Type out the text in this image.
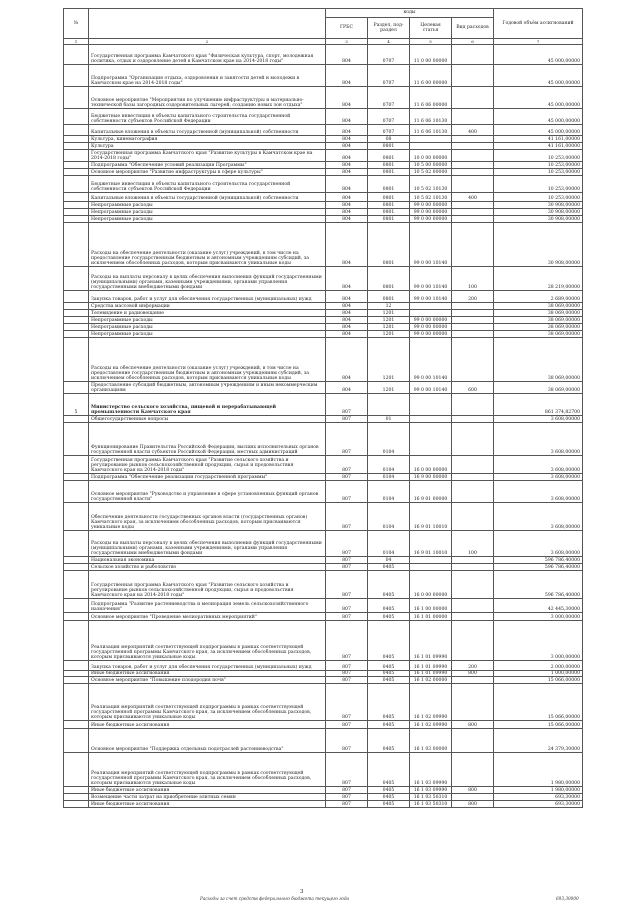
№		коды				Годовой объём ассигнований
		ГРБС	Раздел, под- раздел	Целевая статья	Вид расходов	
1	2	3	4	5	6	7
	Государственная программа Камчатского края "Физическая культура, спорт, молодежная политика, отдых и оздоровление детей в Камчатском крае на 2014-2018 годы"	804	0707	11 0 00 00000		45 000,00000
	Подпрограмма "Организация отдыха, оздоровления и занятости детей и молодежи в Камчатском крае на 2014-2018 годы"	804	0707	11 6 00 00000		45 000,00000
	Основное мероприятие "Мероприятия по улучшению инфраструктуры и материально-технической базы загородных оздоровительных лагерей, созданию новых зон отдыха"	804	0707	11 6 06 00000		45 000,00000
	Бюджетные инвестиции в объекты капитального строительства государственной собственности субъектов Российской Федерации	804	0707	11 6 06 10130		45 000,00000
	Капитальные вложения в объекты государственной (муниципальной) собственности	804	0707	11 6 06 10130	400	45 000,00000
	Культура, кинематография	804	08			41 161,00000
	Культура	804	0801			41 161,00000
	Государственная программа Камчатского края "Развитие культуры в Камчатском крае на 2014-2018 годы"	804	0801	10 0 00 00000		10 253,00000
	Подпрограмма "Обеспечение условий реализации Программы"	804	0801	10 5 00 00000		10 253,00000
	Основное мероприятие "Развитие инфраструктуры в сфере культуры"	804	0801	10 5 02 00000		10 253,00000
	Бюджетные инвестиции в объекты капитального строительства государственной собственности субъектов Российской Федерации	804	0801	10 5 02 10130		10 253,00000
	Капитальные вложения в объекты государственной (муниципальной) собственности	804	0801	10 5 02 10130	400	10 253,00000
	Непрограммные расходы	804	0801	99 0 00 00000		30 908,00000
	Непрограммные расходы	804	0801	99 0 00 00000		30 908,00000
	Непрограммные расходы	804	0801	99 0 00 00000		30 908,00000
	Расходы на обеспечение деятельности (оказание услуг) учреждений, в том числе на предоставление государственным бюджетным и автономным учреждениям субсидий, за исключением обособленных расходов, которым присваиваются уникальные коды	804	0801	99 0 00 10140		30 908,00000
	Расходы на выплаты персоналу в целях обеспечения выполнения функций государственными (муниципальными) органами, казенными учреждениями, органами управления государственными внебюджетными фондами	804	0801	99 0 00 10140	100	28 219,00000
	Закупка товаров, работ и услуг для обеспечения государственных (муниципальных) нужд	804	0801	99 0 00 10140	200	2 689,00000
	Средства массовой информации	804	12			38 069,00000
	Телевидение и радиовещание	804	1201			38 069,00000
	Непрограммные расходы	804	1201	99 0 00 00000		38 069,00000
	Непрограммные расходы	804	1201	99 0 00 00000		38 069,00000
	Непрограммные расходы	804	1201	99 0 00 00000		38 069,00000
	Расходы на обеспечение деятельности (оказание услуг) учреждений, в том числе на предоставление государственным бюджетным и автономным учреждениям субсидий, за исключением обособленных расходов, которым присваиваются уникальные коды	804	1201	99 0 00 10140		38 069,00000
	Предоставление субсидий бюджетным, автономным учреждениям и иным некоммерческим организациям	804	1201	99 0 00 10140	600	38 069,00000
5	Министерство сельского хозяйства, пищевой и перерабатывающей промышленности Камчатского края	807				861 374,82700
	Общегосударственные вопросы	807	01			3 608,00000
	Функционирование Правительства Российской Федерации, высших исполнительных органов государственной власти субъектов Российской Федерации, местных администраций	807	0104			3 608,00000
	Государственная программа Камчатского края "Развитие сельского хозяйства и регулирование рынков сельскохозяйственной продукции, сырья и продовольствия Камчатского края на 2014-2018 годы"	807	0104	16 0 00 00000		3 608,00000
	Подпрограмма "Обеспечение реализации государственной программы"	807	0104	16 9 00 00000		3 608,00000
	Основное мероприятие "Руководство и управление в сфере установленных функций органов государственной власти"	807	0104	16 9 01 00000		3 608,00000
	Обеспечение деятельности государственных органов власти (государственных органов) Камчатского края, за исключением обособленных расходов, которым присваиваются уникальные коды	807	0104	16 9 01 10010		3 608,00000
	Расходы на выплаты персоналу в целях обеспечения выполнения функций государственными (муниципальными) органами, казенными учреждениями, органами управления государственными внебюджетными фондами	807	0104	16 9 01 10010	100	3 608,00000
	Национальная экономика	807	04			596 786,40000
	Сельское хозяйство и рыболовство	807	0405			596 786,40000
	Государственная программа Камчатского края "Развитие сельского хозяйства и регулирование рынков сельскохозяйственной продукции, сырья и продовольствия Камчатского края на 2014-2018 годы"	807	0405	16 0 00 00000		596 786,40000
	Подпрограмма "Развитие растениеводства и мелиорация земель сельскохозяйственного назначения"	807	0405	16 1 00 00000		42 445,30000
	Основное мероприятие "Проведение мелиоративных мероприятий"	807	0405	16 1 01 00000		3 000,00000
	Реализация мероприятий соответствующей подпрограммы в рамках соответствующей государственной программы Камчатского края, за исключением обособленных расходов, которым присваиваются уникальные коды	807	0405	16 1 01 09990		3 000,00000
	Закупка товаров, работ и услуг для обеспечения государственных (муниципальных) нужд	807	0405	16 1 01 09990	200	2 000,00000
	Иные бюджетные ассигнования	807	0405	16 1 01 09990	800	1 000,00000
	Основное мероприятие "Повышение плодородия почв"	807	0405	16 1 02 00000		15 066,00000
	Реализация мероприятий соответствующей подпрограммы в рамках соответствующей государственной программы Камчатского края, за исключением обособленных расходов, которым присваиваются уникальные коды	807	0405	16 1 02 09990		15 066,00000
	Иные бюджетные ассигнования	807	0405	16 1 02 09990	800	15 066,00000
	Основное мероприятие "Поддержка отдельных подотраслей растениеводства"	807	0405	16 1 03 00000		24 379,30000
	Реализация мероприятий соответствующей подпрограммы в рамках соответствующей государственной программы Камчатского края, за исключением обособленных расходов, которым присваиваются уникальные коды	807	0405	16 1 03 09990		1 980,00000
	Иные бюджетные ассигнования	807	0405	16 1 03 09990	800	1 980,00000
	Возмещение части затрат на приобретение элитных семян	807	0405	16 1 03 50310		693,30000
	Иные бюджетные ассигнования	807	0405	16 1 03 50310	800	693,30000
3
Расходы за счет средств федерального бюджета текущего года	693,30000
